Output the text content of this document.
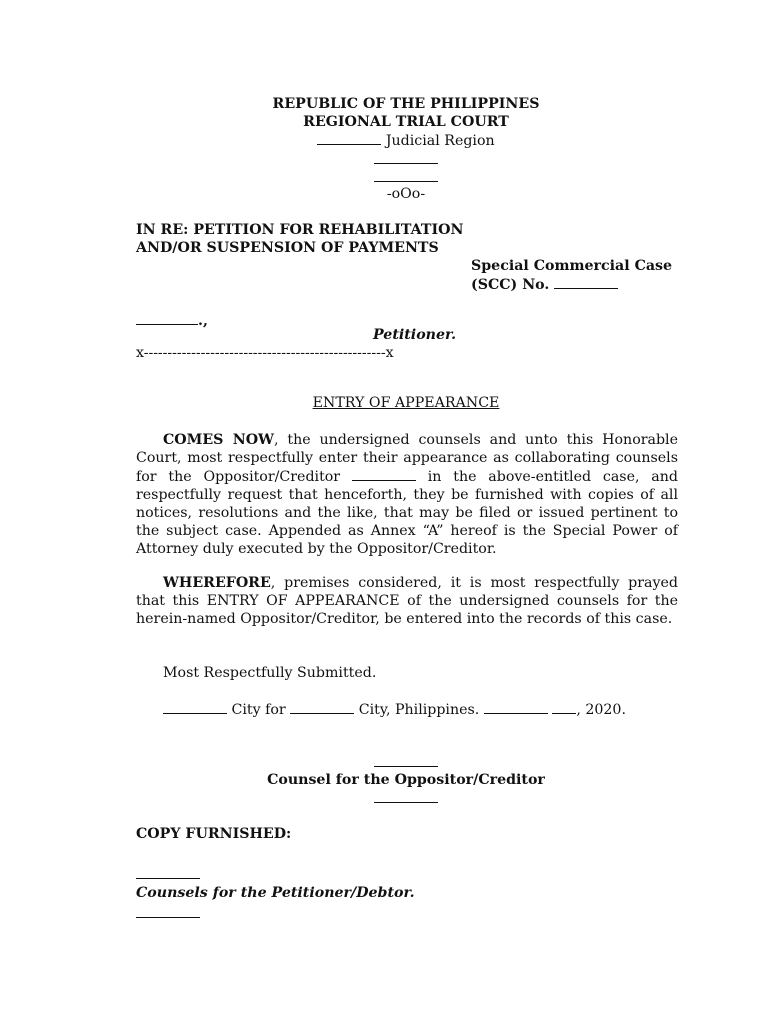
REPUBLIC OF THE PHILIPPINES
REGIONAL TRIAL COURT
Judicial Region
-oOo-
IN RE: PETITION FOR REHABILITATION
AND/OR SUSPENSION OF PAYMENTS
Special Commercial Case
(SCC) No.
.,
Petitioner.
x---------------------------------------------------x
ENTRY OF APPEARANCE

COMES NOW, the undersigned counsels and unto this Honorable Court, most respectfully enter their appearance as collaborating counsels for the Oppositor/Creditor	in the above-entitled case, and respectfully request that henceforth, they be furnished with copies of all notices, resolutions and the like, that may be filed or issued pertinent to the subject case. Appended as Annex “A” hereof is the Special Power of Attorney duly executed by the Oppositor/Creditor.

WHEREFORE, premises considered, it is most respectfully prayed that this ENTRY OF APPEARANCE of the undersigned counsels for the herein-named Oppositor/Creditor, be entered into the records of this case.

Most Respectfully Submitted.
City for	City, Philippines.	, 2020.
Counsel for the Oppositor/Creditor
COPY FURNISHED:
Counsels for the Petitioner/Debtor.
